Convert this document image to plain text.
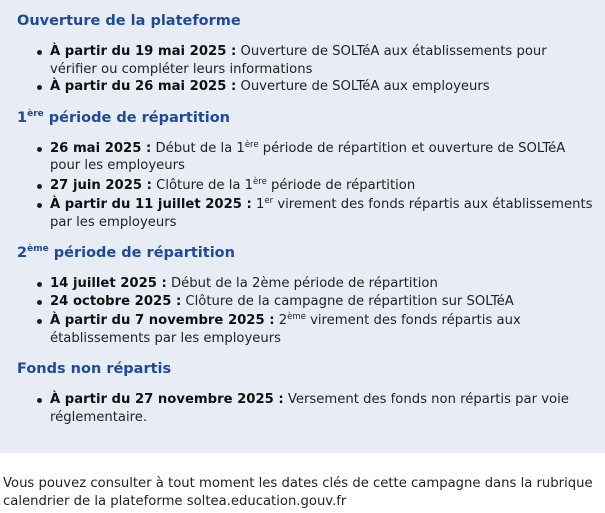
Ouverture de la plateforme
À partir du 19 mai 2025 : Ouverture de SOLTéA aux établissements pour vérifier ou compléter leurs informations
À partir du 26 mai 2025 : Ouverture de SOLTéA aux employeurs
1ère période de répartition
26 mai 2025 : Début de la 1ère période de répartition et ouverture de SOLTéA pour les employeurs
27 juin 2025 : Clôture de la 1ère période de répartition
À partir du 11 juillet 2025 : 1er virement des fonds répartis aux établissements par les employeurs
2ème période de répartition
14 juillet 2025 : Début de la 2ème période de répartition
24 octobre 2025 : Clôture de la campagne de répartition sur SOLTéA
À partir du 7 novembre 2025 : 2ème virement des fonds répartis aux établissements par les employeurs
Fonds non répartis
À partir du 27 novembre 2025 : Versement des fonds non répartis par voie réglementaire.

Vous pouvez consulter à tout moment les dates clés de cette campagne dans la rubrique calendrier de la plateforme soltea.education.gouv.fr
